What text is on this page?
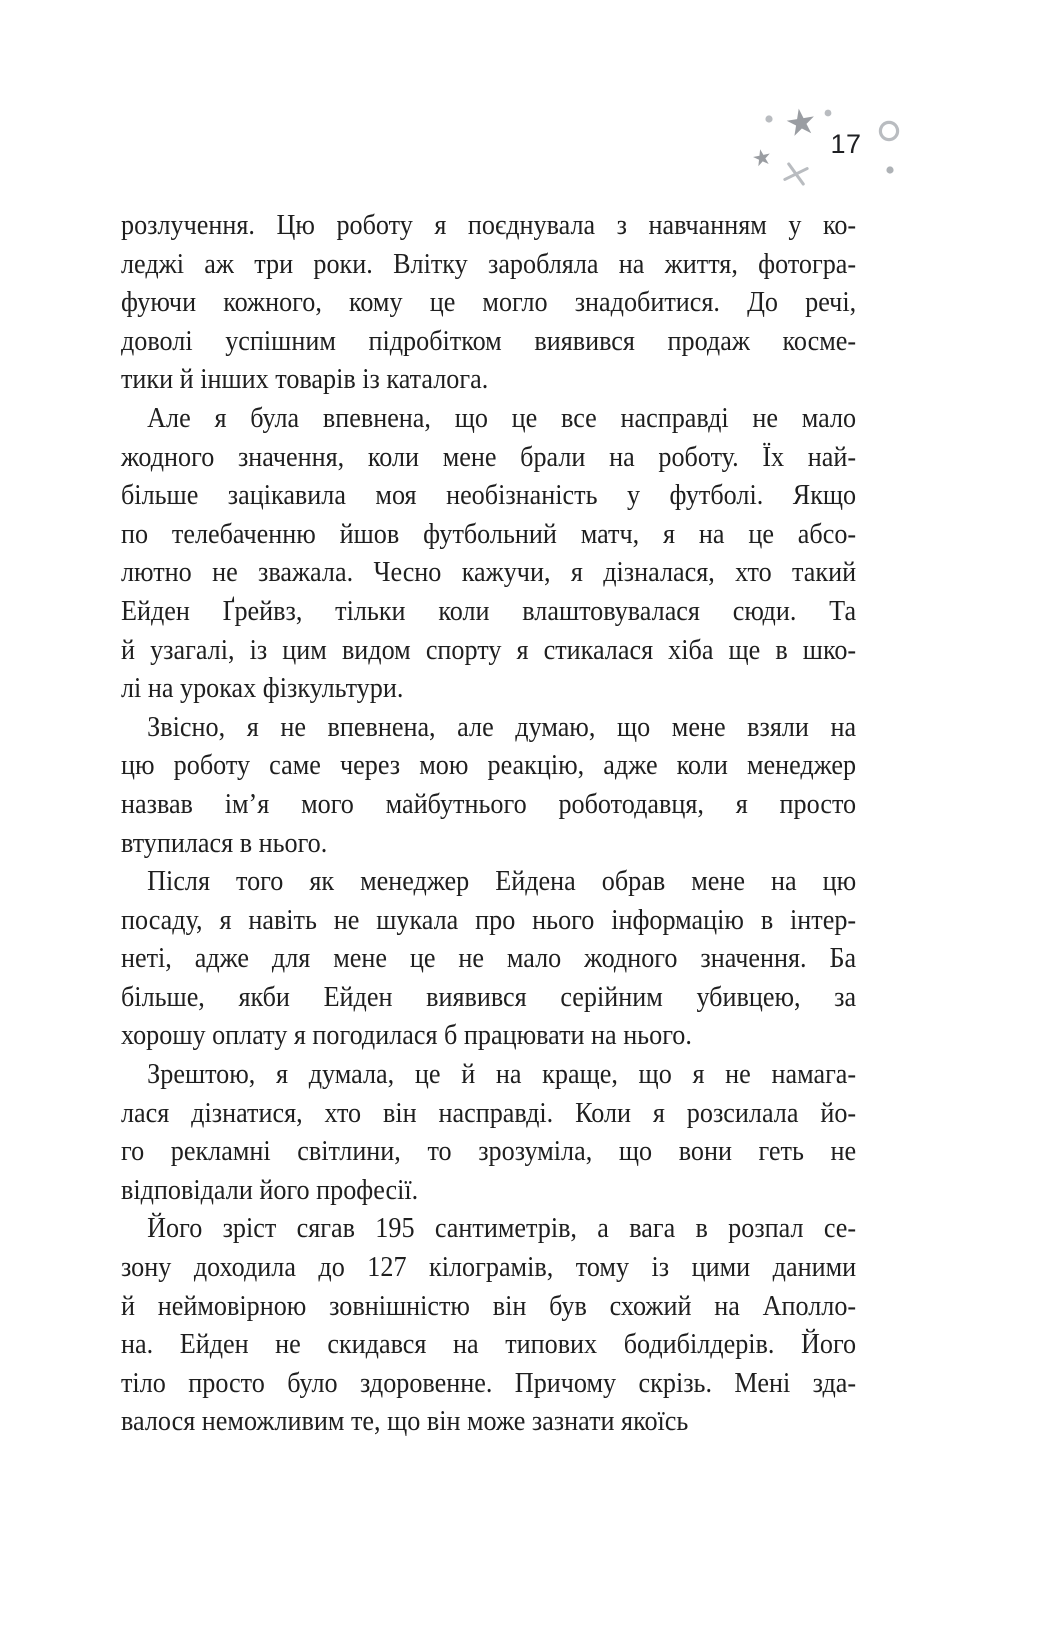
17
розлучення. Цю роботу я поєднувала з навчанням у ко-
леджі аж три роки. Влітку заробляла на життя, фотогра-
фуючи кожного, кому це могло знадобитися. До речі,
доволі успішним підробітком виявився продаж косме-
тики й інших товарів із каталога.
Але я була впевнена, що це все насправді не мало
жодного значення, коли мене брали на роботу. Їх най-
більше зацікавила моя необізнаність у футболі. Якщо
по телебаченню йшов футбольний матч, я на це абсо-
лютно не зважала. Чесно кажучи, я дізналася, хто такий
Ейден Ґрейвз, тільки коли влаштовувалася сюди. Та
й узагалі, із цим видом спорту я стикалася хіба ще в шко-
лі на уроках фізкультури.
Звісно, я не впевнена, але думаю, що мене взяли на
цю роботу саме через мою реакцію, адже коли менеджер
назвав ім’я мого майбутнього роботодавця, я просто
втупилася в нього.
Після того як менеджер Ейдена обрав мене на цю
посаду, я навіть не шукала про нього інформацію в інтер-
неті, адже для мене це не мало жодного значення. Ба
більше, якби Ейден виявився серійним убивцею, за
хорошу оплату я погодилася б працювати на нього.
Зрештою, я думала, це й на краще, що я не намага-
лася дізнатися, хто він насправді. Коли я розсилала йо-
го рекламні світлини, то зрозуміла, що вони геть не
відповідали його професії.
Його зріст сягав 195 сантиметрів, а вага в розпал се-
зону доходила до 127 кілограмів, тому із цими даними
й неймовірною зовнішністю він був схожий на Аполло-
на. Ейден не скидався на типових бодибілдерів. Його
тіло просто було здоровенне. Причому скрізь. Мені зда-
валося неможливим те, що він може зазнати якоїсь
